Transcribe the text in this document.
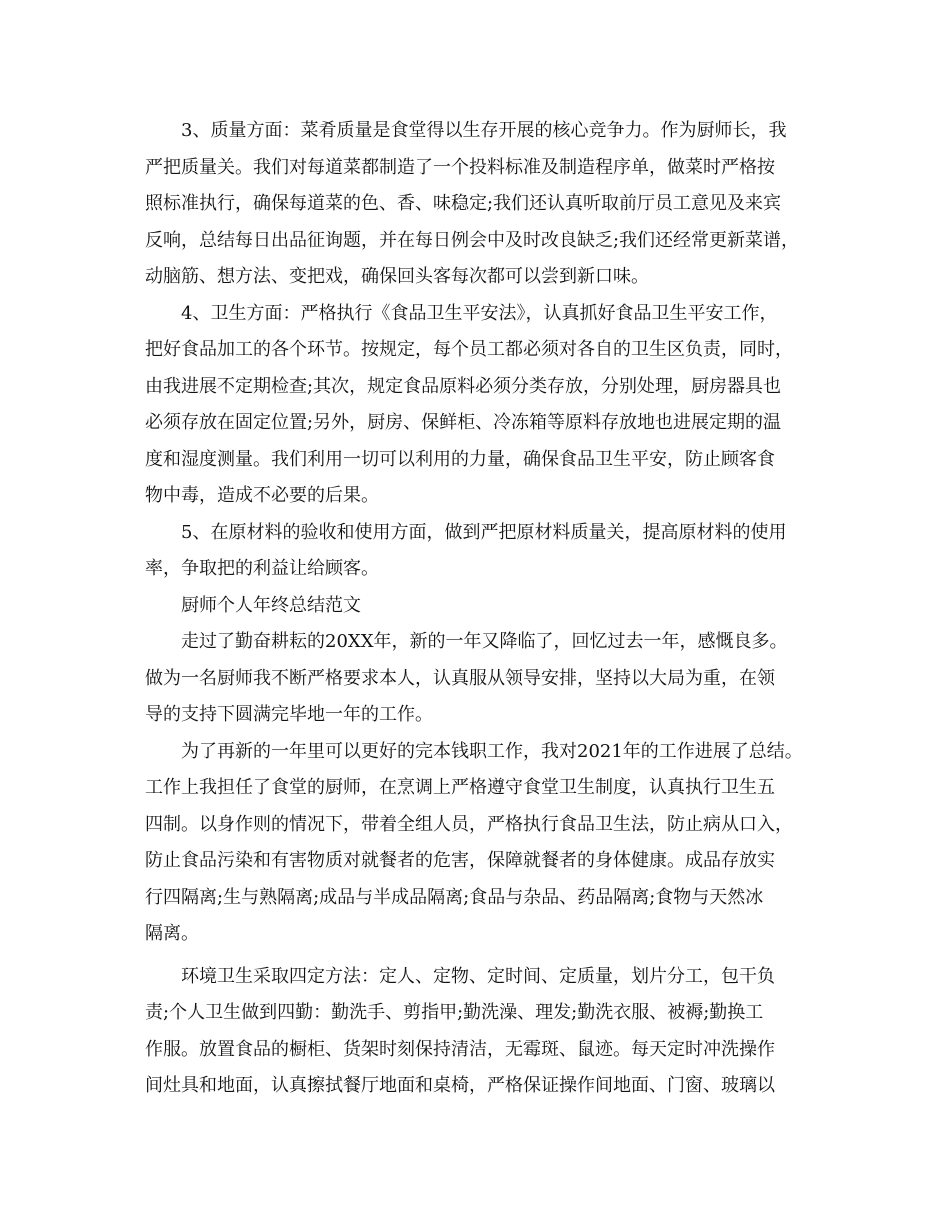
3、质量方面：菜肴质量是食堂得以生存开展的核心竞争力。作为厨师长，我
严把质量关。我们对每道菜都制造了一个投料标准及制造程序单，做菜时严格按
照标准执行，确保每道菜的色、香、味稳定;我们还认真听取前厅员工意见及来宾
反响，总结每日出品征询题，并在每日例会中及时改良缺乏;我们还经常更新菜谱，
动脑筋、想方法、变把戏，确保回头客每次都可以尝到新口味。
4、卫生方面：严格执行《食品卫生平安法》，认真抓好食品卫生平安工作，
把好食品加工的各个环节。按规定，每个员工都必须对各自的卫生区负责，同时，
由我进展不定期检查;其次，规定食品原料必须分类存放，分别处理，厨房器具也
必须存放在固定位置;另外，厨房、保鲜柜、冷冻箱等原料存放地也进展定期的温
度和湿度测量。我们利用一切可以利用的力量，确保食品卫生平安，防止顾客食
物中毒，造成不必要的后果。
5、在原材料的验收和使用方面，做到严把原材料质量关，提高原材料的使用
率，争取把的利益让给顾客。
厨师个人年终总结范文
走过了勤奋耕耘的20XX年，新的一年又降临了，回忆过去一年，感慨良多。
做为一名厨师我不断严格要求本人，认真服从领导安排，坚持以大局为重，在领
导的支持下圆满完毕地一年的工作。
为了再新的一年里可以更好的完本钱职工作，我对2021年的工作进展了总结。
工作上我担任了食堂的厨师，在烹调上严格遵守食堂卫生制度，认真执行卫生五
四制。以身作则的情况下，带着全组人员，严格执行食品卫生法，防止病从口入，
防止食品污染和有害物质对就餐者的危害，保障就餐者的身体健康。成品存放实
行四隔离;生与熟隔离;成品与半成品隔离;食品与杂品、药品隔离;食物与天然冰
隔离。
环境卫生采取四定方法：定人、定物、定时间、定质量，划片分工，包干负
责;个人卫生做到四勤：勤洗手、剪指甲;勤洗澡、理发;勤洗衣服、被褥;勤换工
作服。放置食品的橱柜、货架时刻保持清洁，无霉斑、鼠迹。每天定时冲洗操作
间灶具和地面，认真擦拭餐厅地面和桌椅，严格保证操作间地面、门窗、玻璃以
